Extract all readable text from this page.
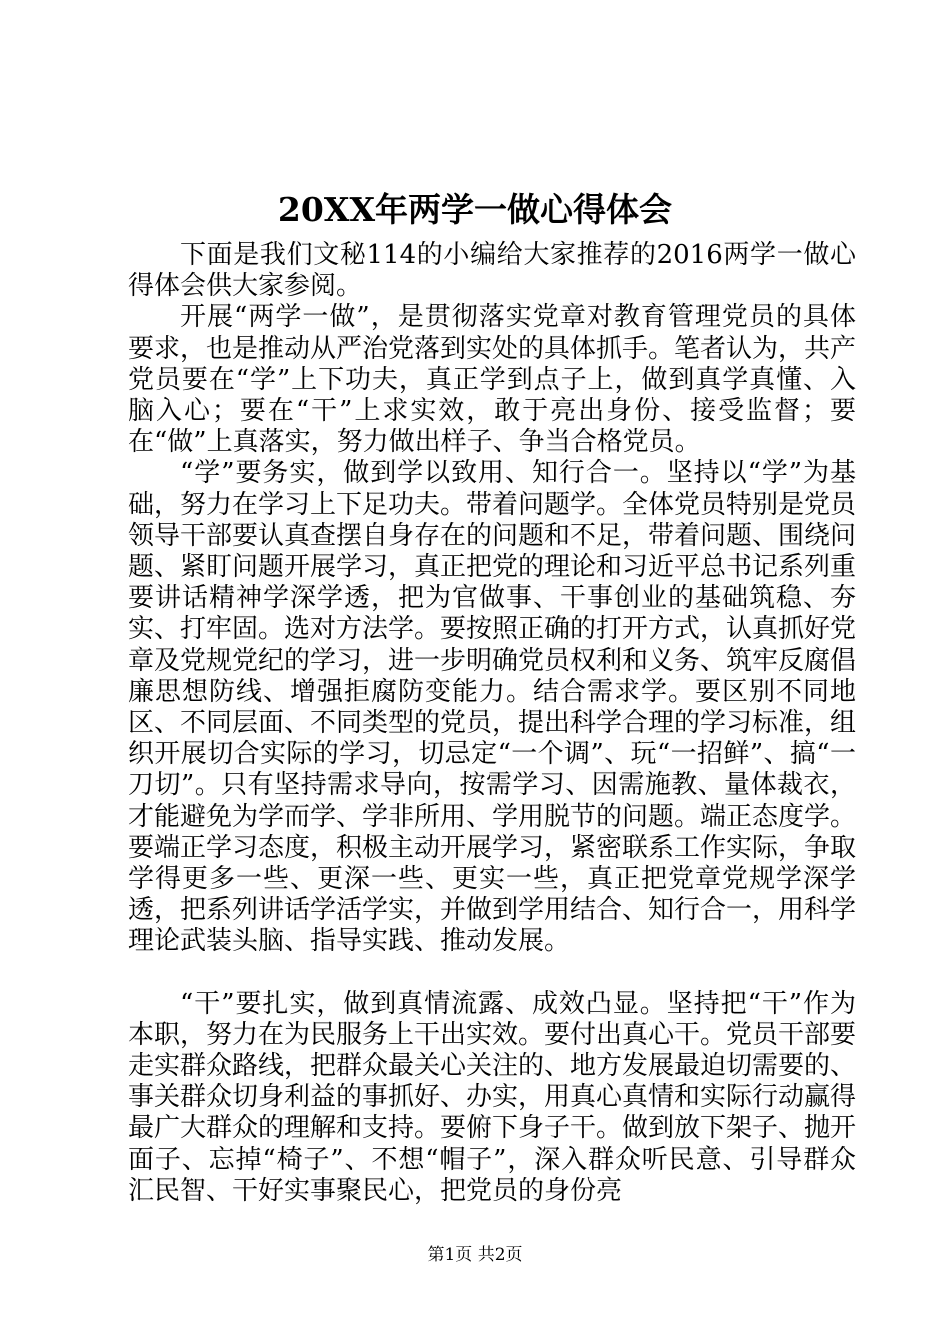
20XX年两学一做心得体会

下面是我们文秘114的小编给大家推荐的2016两学一做心得体会供大家参阅。

开展“两学一做”，是贯彻落实党章对教育管理党员的具体要求，也是推动从严治党落到实处的具体抓手。笔者认为，共产党员要在“学”上下功夫，真正学到点子上，做到真学真懂、入脑入心；要在“干”上求实效，敢于亮出身份、接受监督；要在“做”上真落实，努力做出样子、争当合格党员。

“学”要务实，做到学以致用、知行合一。坚持以“学”为基础，努力在学习上下足功夫。带着问题学。全体党员特别是党员领导干部要认真查摆自身存在的问题和不足，带着问题、围绕问题、紧盯问题开展学习，真正把党的理论和习近平总书记系列重要讲话精神学深学透，把为官做事、干事创业的基础筑稳、夯实、打牢固。选对方法学。要按照正确的打开方式，认真抓好党章及党规党纪的学习，进一步明确党员权利和义务、筑牢反腐倡廉思想防线、增强拒腐防变能力。结合需求学。要区别不同地区、不同层面、不同类型的党员，提出科学合理的学习标准，组织开展切合实际的学习，切忌定“一个调”、玩“一招鲜”、搞“一刀切”。只有坚持需求导向，按需学习、因需施教、量体裁衣，才能避免为学而学、学非所用、学用脱节的问题。端正态度学。要端正学习态度，积极主动开展学习，紧密联系工作实际，争取学得更多一些、更深一些、更实一些，真正把党章党规学深学透，把系列讲话学活学实，并做到学用结合、知行合一，用科学理论武装头脑、指导实践、推动发展。

“干”要扎实，做到真情流露、成效凸显。坚持把“干”作为本职，努力在为民服务上干出实效。要付出真心干。党员干部要走实群众路线，把群众最关心关注的、地方发展最迫切需要的、事关群众切身利益的事抓好、办实，用真心真情和实际行动赢得最广大群众的理解和支持。要俯下身子干。做到放下架子、抛开面子、忘掉“椅子”、不想“帽子”，深入群众听民意、引导群众汇民智、干好实事聚民心，把党员的身份亮

第1页 共2页
